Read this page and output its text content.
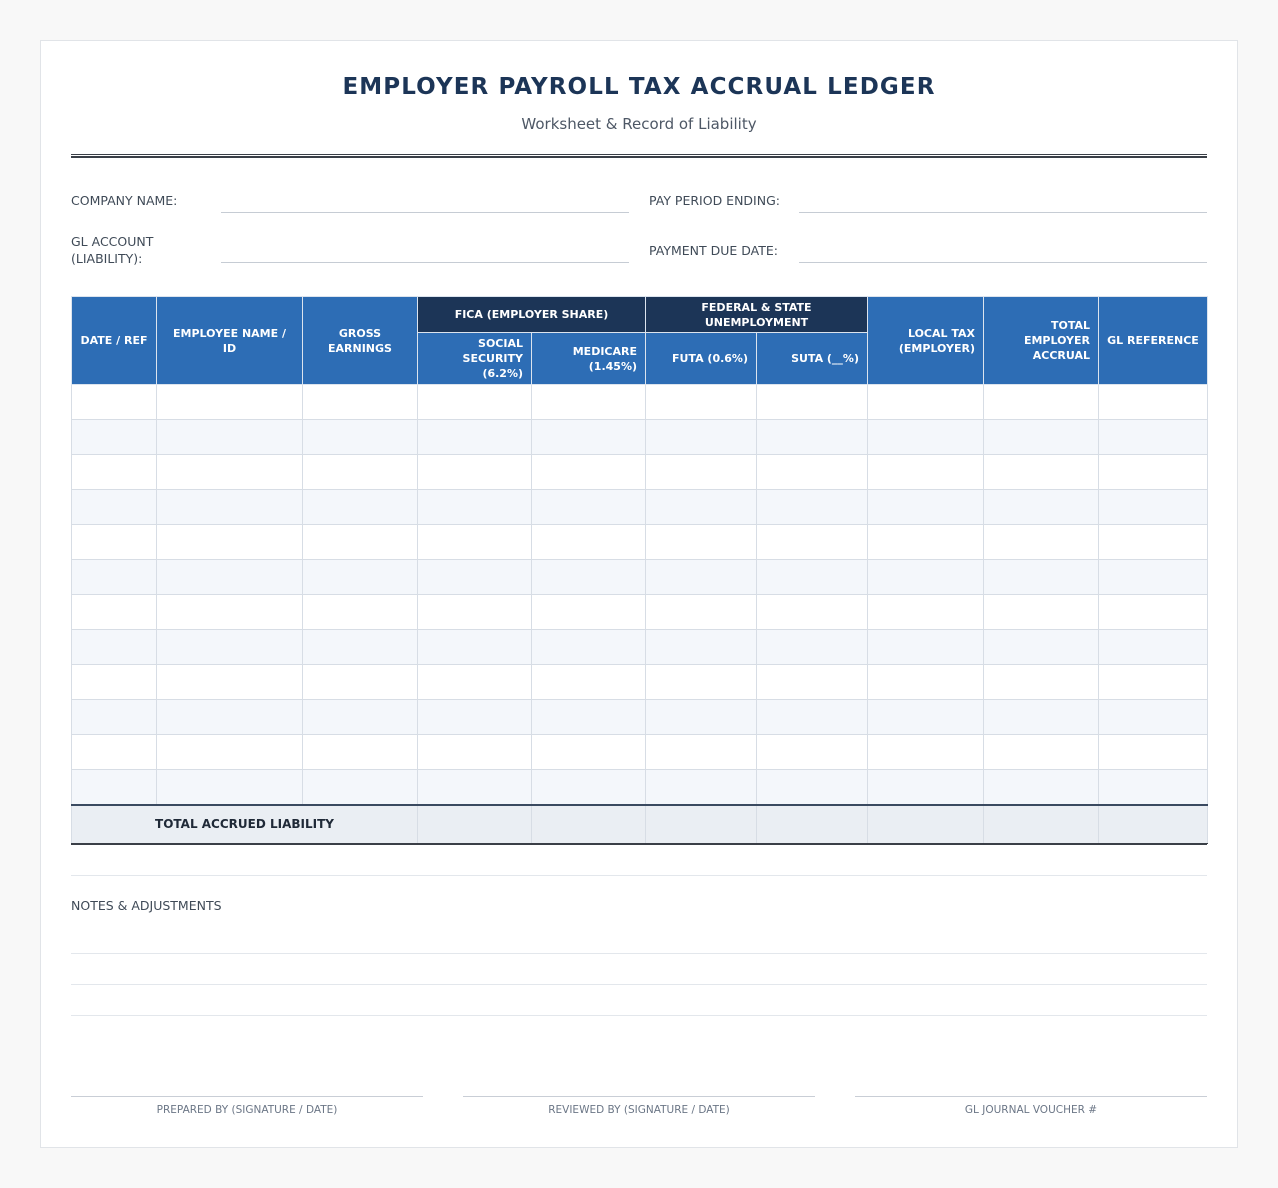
EMPLOYER PAYROLL TAX ACCRUAL LEDGER
Worksheet & Record of Liability
COMPANY NAME:
GL ACCOUNT (LIABILITY):
PAY PERIOD ENDING:
PAYMENT DUE DATE:
DATE / REF	EMPLOYEE NAME / ID	GROSS EARNINGS	FICA (EMPLOYER SHARE)		FEDERAL & STATE UNEMPLOYMENT		LOCAL TAX (EMPLOYER)	TOTAL EMPLOYER ACCRUAL	GL REFERENCE
			SOCIAL SECURITY (6.2%)	MEDICARE (1.45%)	FUTA (0.6%)	SUTA (__%)			

TOTAL ACCRUED LIABILITY									
NOTES & ADJUSTMENTS
PREPARED BY (SIGNATURE / DATE)	REVIEWED BY (SIGNATURE / DATE)	GL JOURNAL VOUCHER #
